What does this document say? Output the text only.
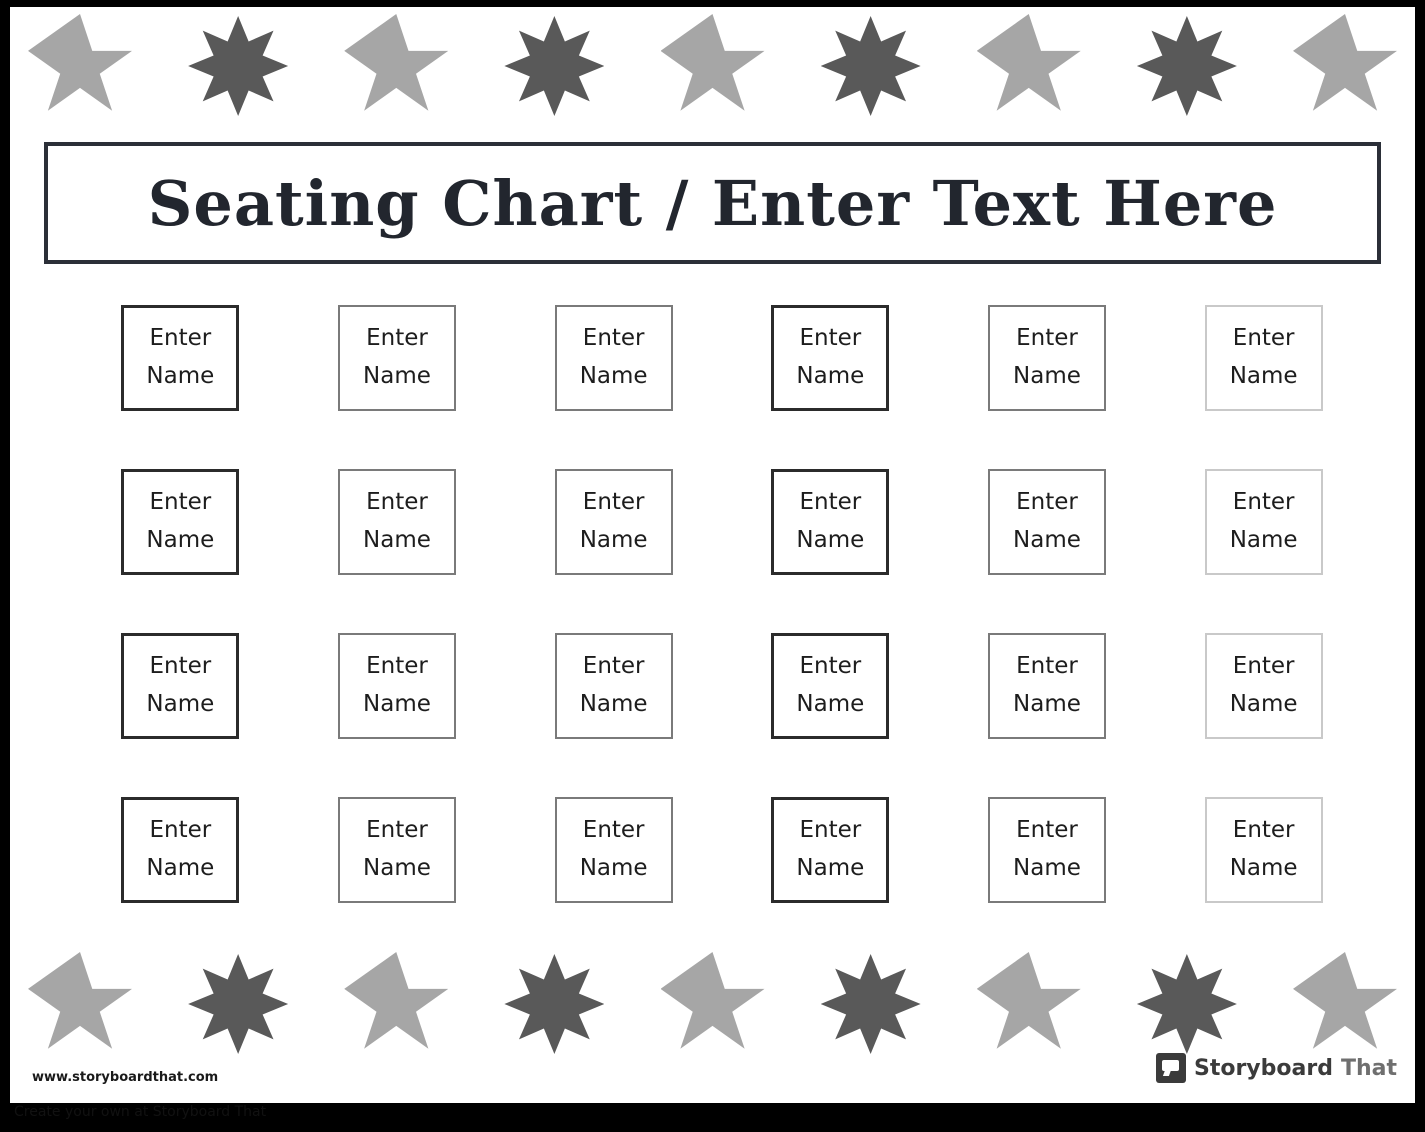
Seating Chart / Enter Text Here
Enter
Name
Enter
Name
Enter
Name
Enter
Name
Enter
Name
Enter
Name
Enter
Name
Enter
Name
Enter
Name
Enter
Name
Enter
Name
Enter
Name
Enter
Name
Enter
Name
Enter
Name
Enter
Name
Enter
Name
Enter
Name
Enter
Name
Enter
Name
Enter
Name
Enter
Name
Enter
Name
Enter
Name
www.storyboardthat.com	Storyboard That
Create your own at Storyboard That
